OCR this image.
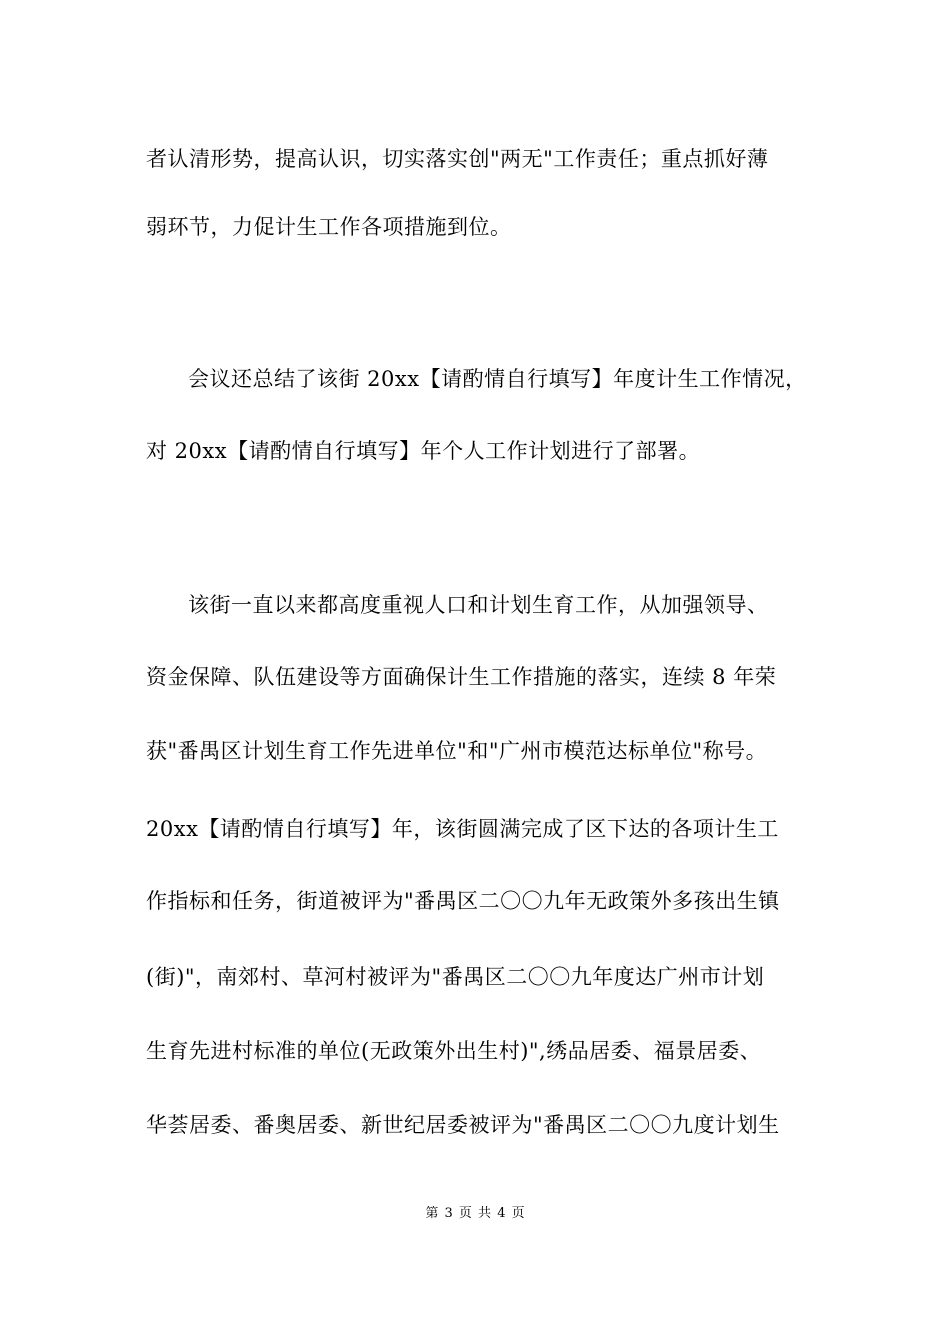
者认清形势，提高认识，切实落实创"两无"工作责任；重点抓好薄
弱环节，力促计生工作各项措施到位。
会议还总结了该街 20xx【请酌情自行填写】年度计生工作情况，
对 20xx【请酌情自行填写】年个人工作计划进行了部署。
该街一直以来都高度重视人口和计划生育工作，从加强领导、
资金保障、队伍建设等方面确保计生工作措施的落实，连续 8 年荣
获"番禺区计划生育工作先进单位"和"广州市模范达标单位"称号。
20xx【请酌情自行填写】年，该街圆满完成了区下达的各项计生工
作指标和任务，街道被评为"番禺区二〇〇九年无政策外多孩出生镇
(街)"，南郊村、草河村被评为"番禺区二〇〇九年度达广州市计划
生育先进村标准的单位(无政策外出生村)",绣品居委、福景居委、
华荟居委、番奥居委、新世纪居委被评为"番禺区二〇〇九度计划生
第 3 页 共 4 页
